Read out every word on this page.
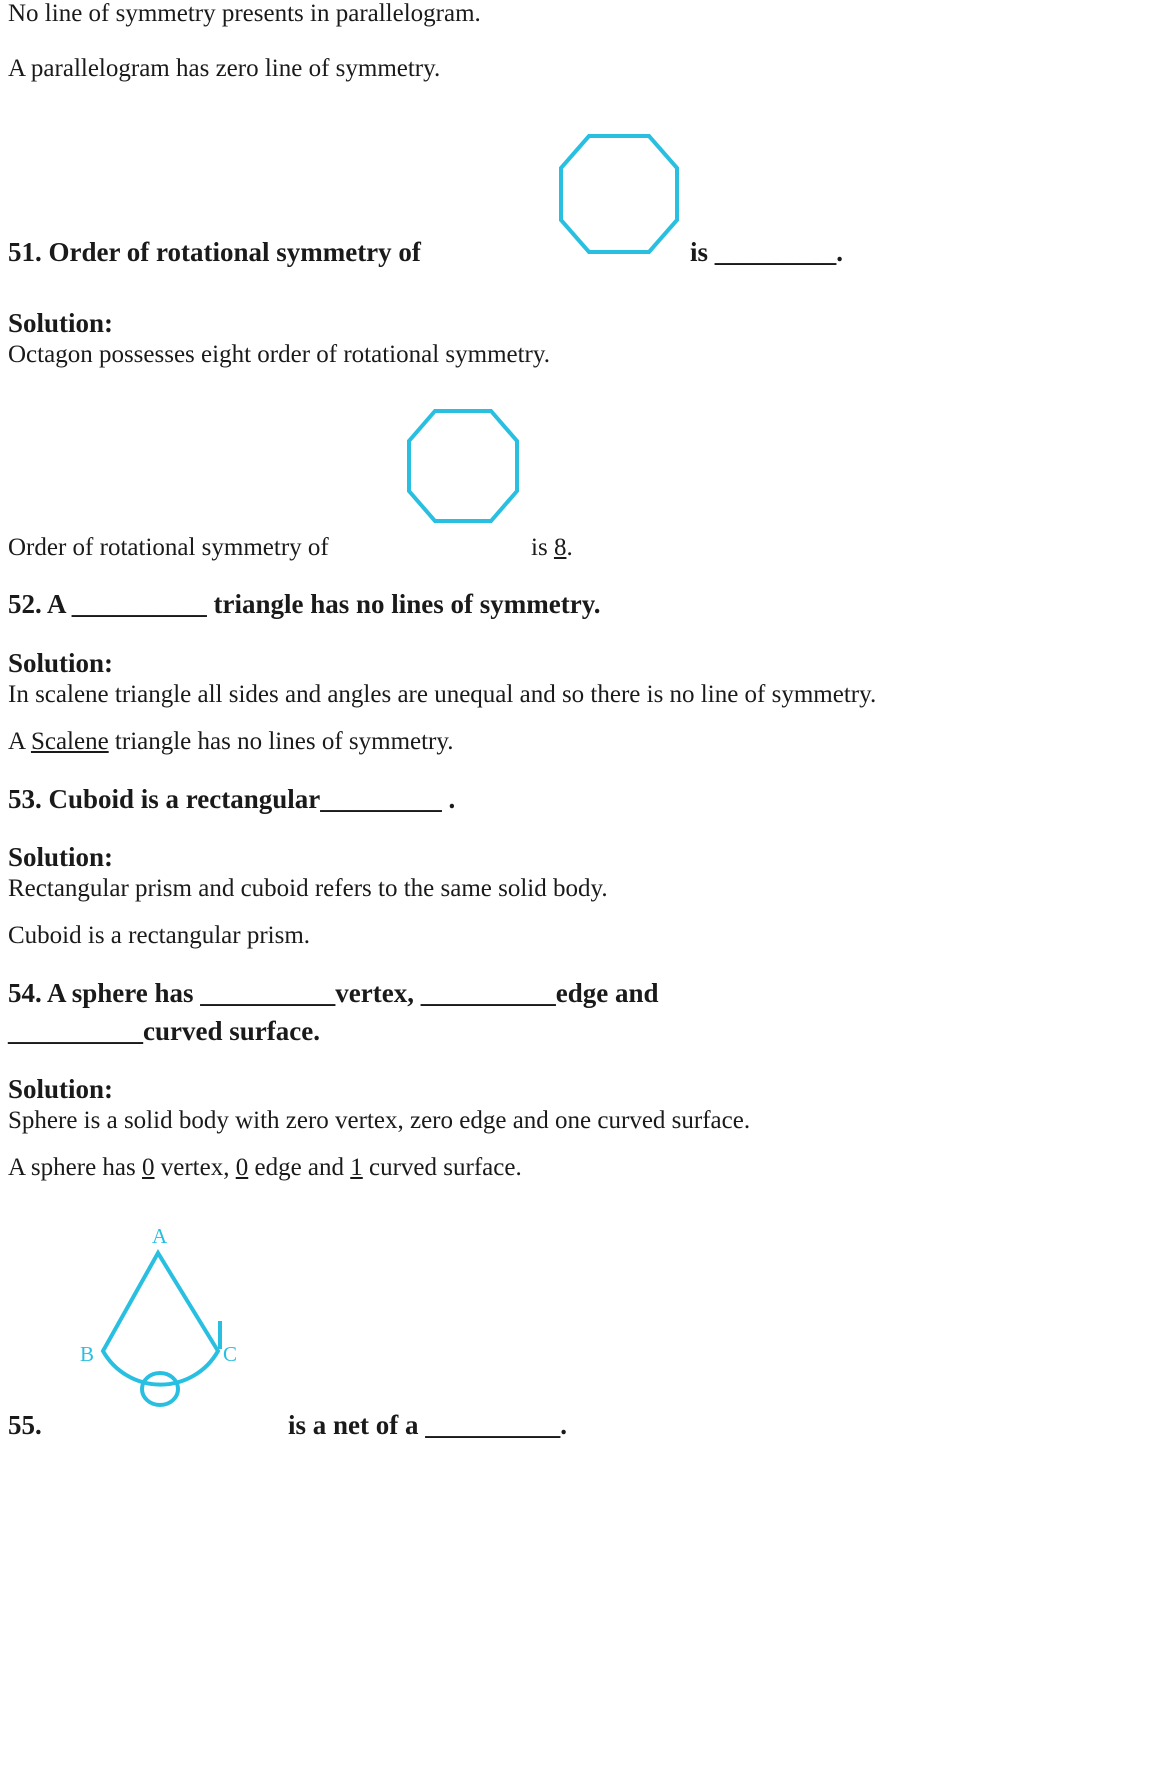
No line of symmetry presents in parallelogram.

A parallelogram has zero line of symmetry.

51. Order of rotational symmetry of	is _________.

Solution:

Octagon possesses eight order of rotational symmetry.

Order of rotational symmetry of	is 8.

52. A __________ triangle has no lines of symmetry.

Solution:

In scalene triangle all sides and angles are unequal and so there is no line of symmetry.

A Scalene triangle has no lines of symmetry.

53. Cuboid is a rectangular_________ .

Solution:

Rectangular prism and cuboid refers to the same solid body.

Cuboid is a rectangular prism.

54. A sphere has __________vertex, __________edge and

__________curved surface.

Solution:

Sphere is a solid body with zero vertex, zero edge and one curved surface.

A sphere has 0 vertex, 0 edge and 1 curved surface.

A
B	C
55.	is a net of a __________.
